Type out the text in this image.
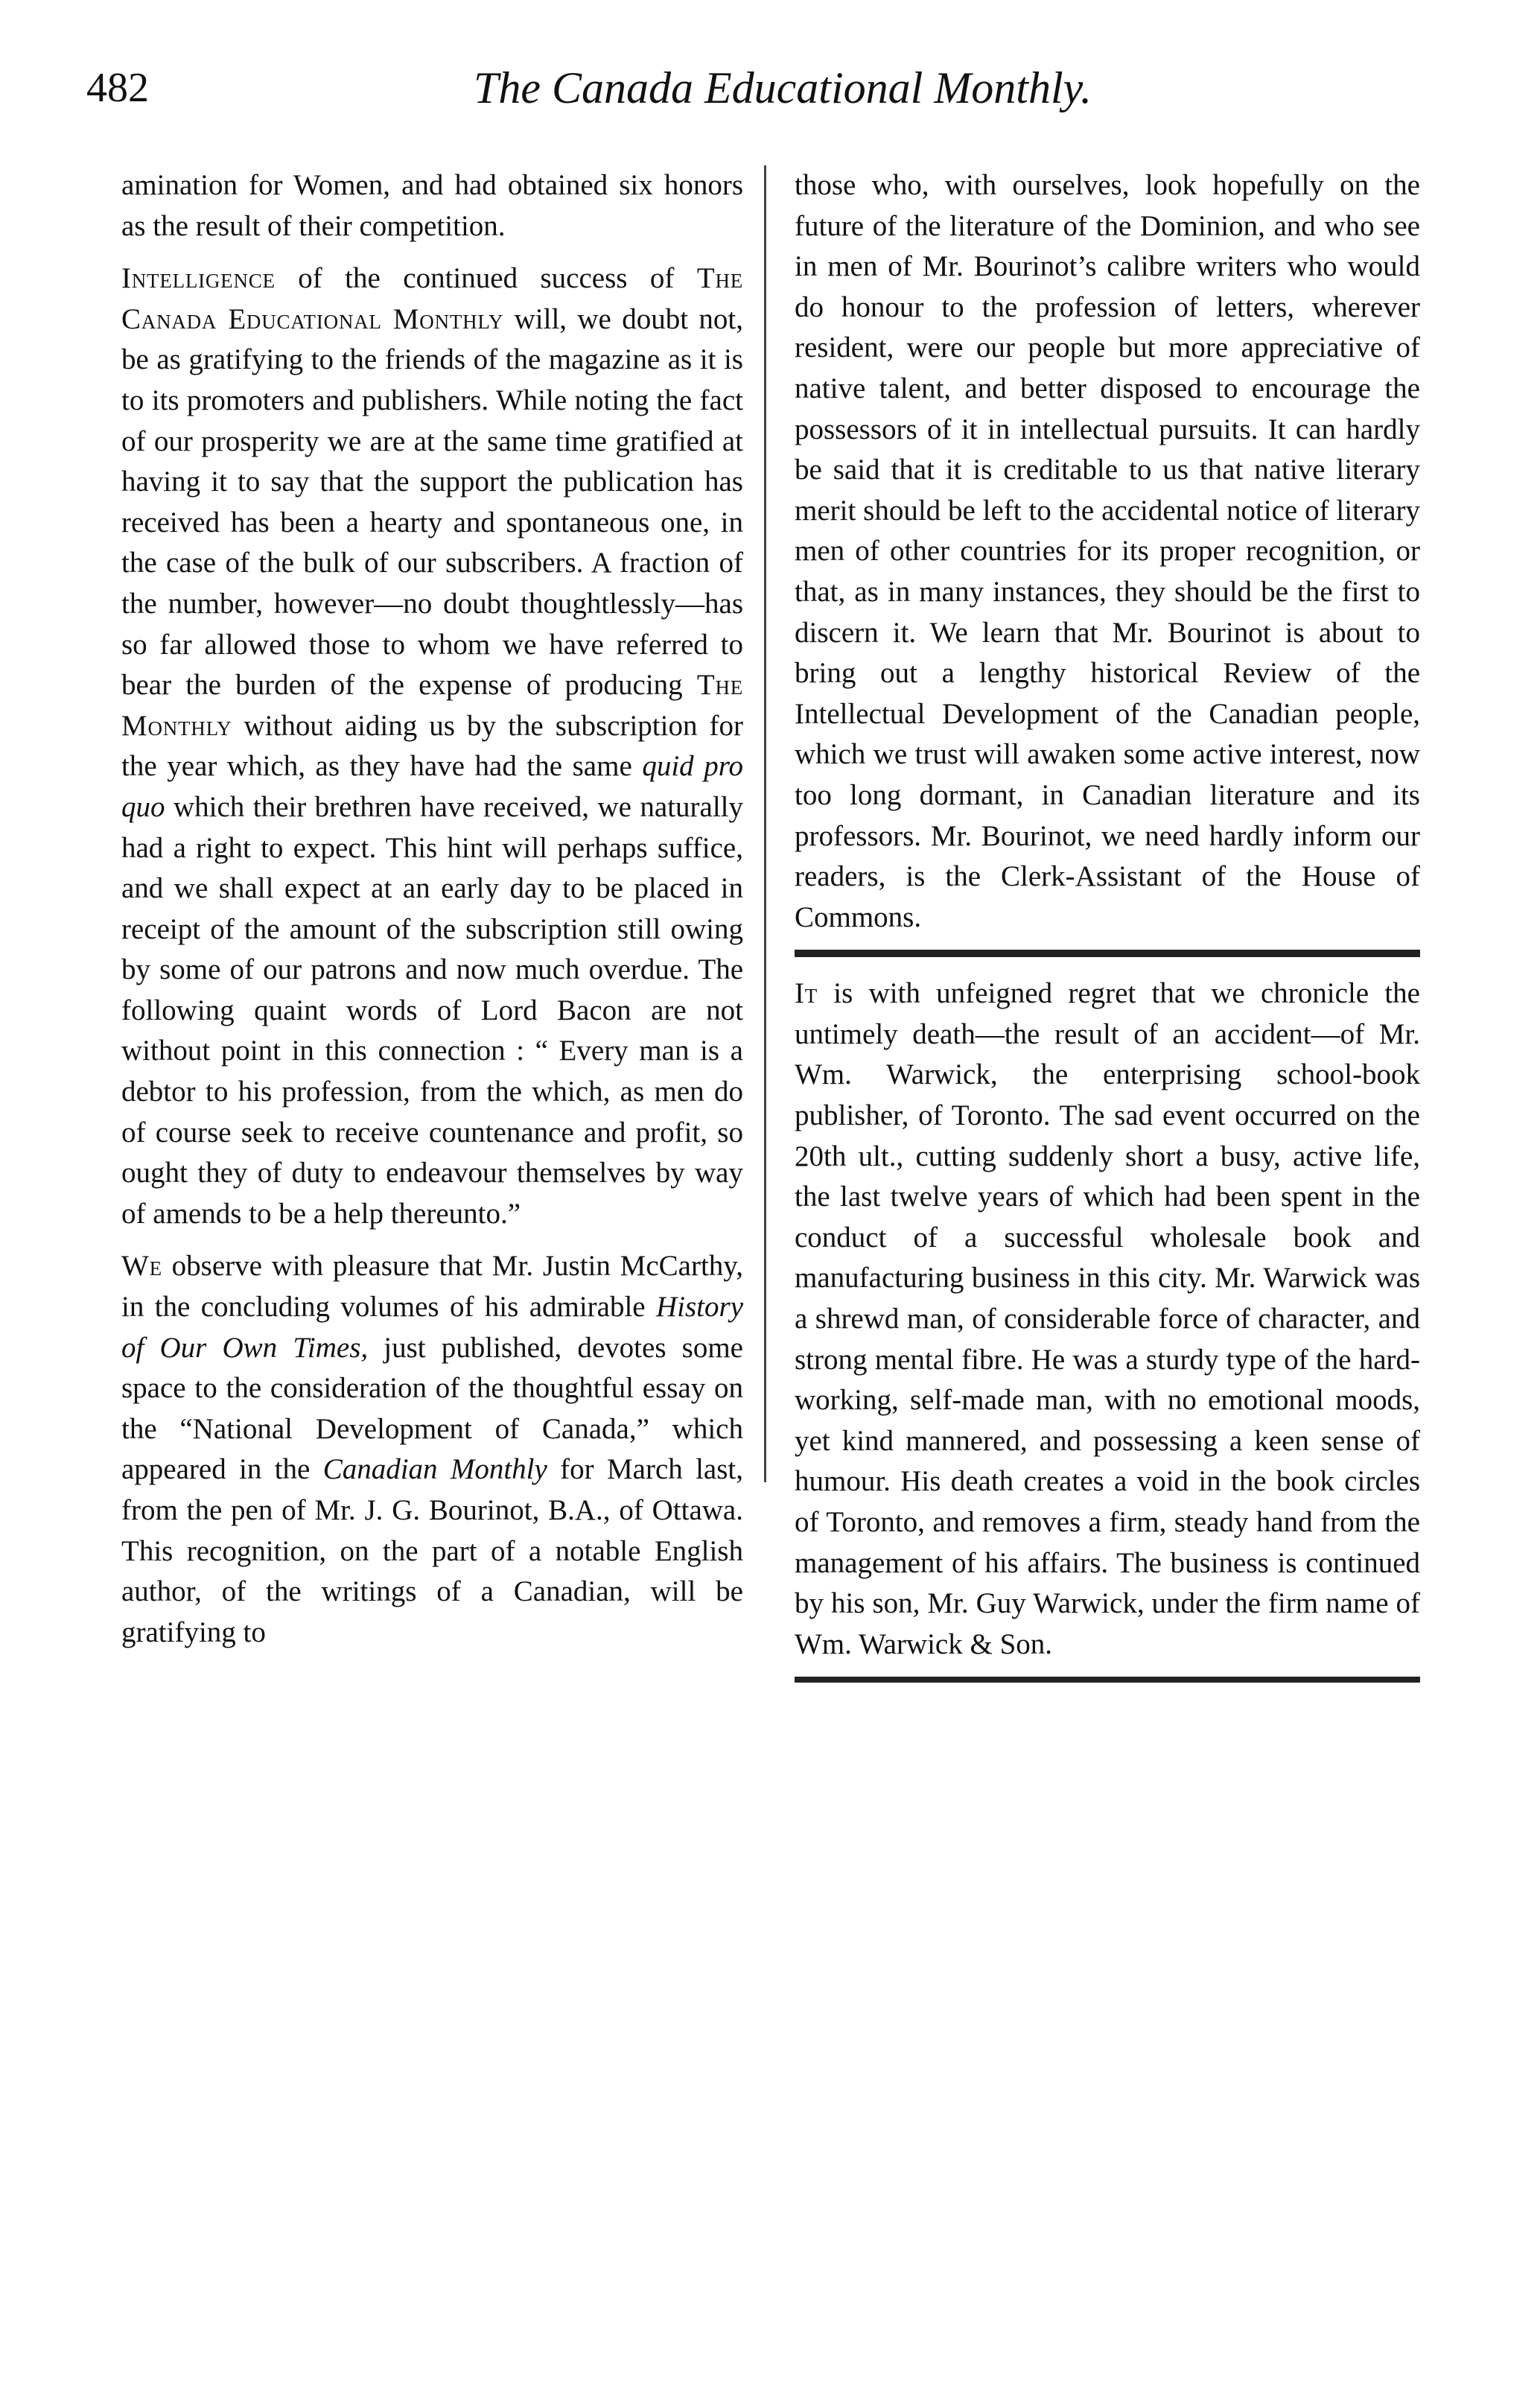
482	The Canada Educational Monthly.

amination for Women, and had obtained six honors as the result of their competition.

Intelligence of the continued success of The Canada Educational Monthly will, we doubt not, be as gratifying to the friends of the magazine as it is to its promoters and publishers. While noting the fact of our prosperity we are at the same time gratified at having it to say that the support the publication has received has been a hearty and spontaneous one, in the case of the bulk of our subscribers. A fraction of the number, however—no doubt thoughtlessly—has so far allowed those to whom we have referred to bear the burden of the expense of producing The Monthly without aiding us by the subscription for the year which, as they have had the same quid pro quo which their brethren have received, we naturally had a right to expect. This hint will perhaps suffice, and we shall expect at an early day to be placed in receipt of the amount of the subscription still owing by some of our patrons and now much overdue. The following quaint words of Lord Bacon are not without point in this connection : “ Every man is a debtor to his profession, from the which, as men do of course seek to receive countenance and profit, so ought they of duty to endeavour themselves by way of amends to be a help thereunto.”

We observe with pleasure that Mr. Justin McCarthy, in the concluding volumes of his admirable History of Our Own Times, just published, devotes some space to the consideration of the thoughtful essay on the “National Development of Canada,” which appeared in the Canadian Monthly for March last, from the pen of Mr. J. G. Bourinot, B.A., of Ottawa. This recognition, on the part of a notable English author, of the writings of a Canadian, will be gratifying to

those who, with ourselves, look hopefully on the future of the literature of the Dominion, and who see in men of Mr. Bourinot’s calibre writers who would do honour to the profession of letters, wherever resident, were our people but more appreciative of native talent, and better disposed to encourage the possessors of it in intellectual pursuits. It can hardly be said that it is creditable to us that native literary merit should be left to the accidental notice of literary men of other countries for its proper recognition, or that, as in many instances, they should be the first to discern it. We learn that Mr. Bourinot is about to bring out a lengthy historical Review of the Intellectual Development of the Canadian people, which we trust will awaken some active interest, now too long dormant, in Canadian literature and its professors. Mr. Bourinot, we need hardly inform our readers, is the Clerk-Assistant of the House of Commons.

It is with unfeigned regret that we chronicle the untimely death—the result of an accident—of Mr. Wm. Warwick, the enterprising school-book publisher, of Toronto. The sad event occurred on the 20th ult., cutting suddenly short a busy, active life, the last twelve years of which had been spent in the conduct of a successful wholesale book and manufacturing business in this city. Mr. Warwick was a shrewd man, of considerable force of character, and strong mental fibre. He was a sturdy type of the hard-working, self-made man, with no emotional moods, yet kind mannered, and possessing a keen sense of humour. His death creates a void in the book circles of Toronto, and removes a firm, steady hand from the management of his affairs. The business is continued by his son, Mr. Guy Warwick, under the firm name of Wm. Warwick & Son.
